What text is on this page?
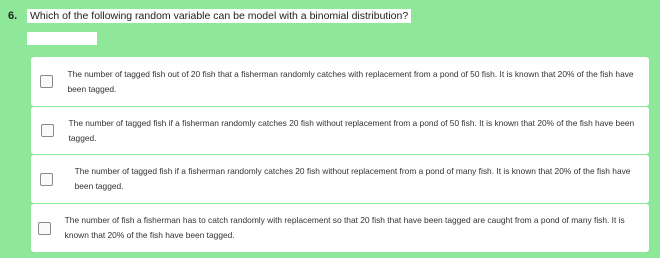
6. Which of the following random variable can be model with a binomial distribution?
The number of tagged fish out of 20 fish that a fisherman randomly catches with replacement from a pond of 50 fish. It is known that 20% of the fish have been tagged.
The number of tagged fish if a fisherman randomly catches 20 fish without replacement from a pond of 50 fish. It is known that 20% of the fish have been tagged.
The number of tagged fish if a fisherman randomly catches 20 fish without replacement from a pond of many fish. It is known that 20% of the fish have been tagged.
The number of fish a fisherman has to catch randomly with replacement so that 20 fish that have been tagged are caught from a pond of many fish. It is known that 20% of the fish have been tagged.
